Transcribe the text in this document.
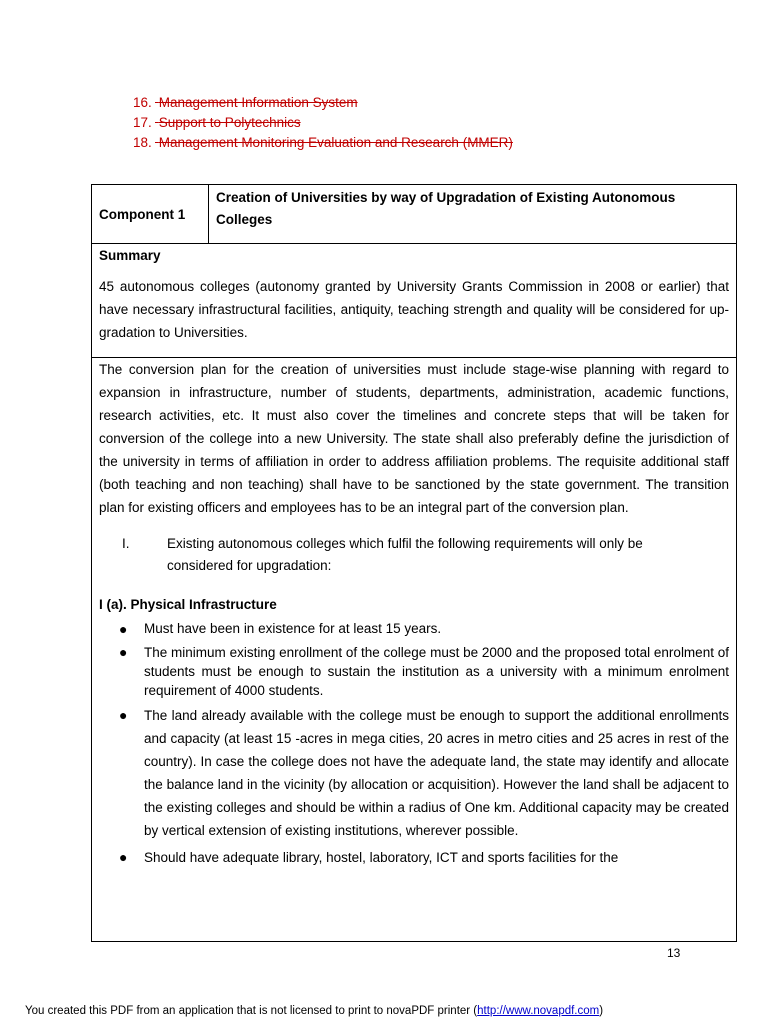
16. Management Information System
17. Support to Polytechnics
18. Management Monitoring Evaluation and Research (MMER)
Component 1
Creation of Universities by way of Upgradation of Existing Autonomous Colleges
Summary
45 autonomous colleges (autonomy granted by University Grants Commission in 2008 or earlier) that have necessary infrastructural facilities, antiquity, teaching strength and quality will be considered for up-gradation to Universities.
The conversion plan for the creation of universities must include stage-wise planning with regard to expansion in infrastructure, number of students, departments, administration, academic functions, research activities, etc. It must also cover the timelines and concrete steps that will be taken for conversion of the college into a new University. The state shall also preferably define the jurisdiction of the university in terms of affiliation in order to address affiliation problems. The requisite additional staff (both teaching and non teaching) shall have to be sanctioned by the state government. The transition plan for existing officers and employees has to be an integral part of the conversion plan.
I.	Existing autonomous colleges which fulfil the following requirements will only be considered for upgradation:
I (a). Physical Infrastructure
● Must have been in existence for at least 15 years.
● The minimum existing enrollment of the college must be 2000 and the proposed total enrolment of students must be enough to sustain the institution as a university with a minimum enrolment requirement of 4000 students.
● The land already available with the college must be enough to support the additional enrollments and capacity (at least 15 -acres in mega cities, 20 acres in metro cities and 25 acres in rest of the country). In case the college does not have the adequate land, the state may identify and allocate the balance land in the vicinity (by allocation or acquisition). However the land shall be adjacent to the existing colleges and should be within a radius of One km. Additional capacity may be created by vertical extension of existing institutions, wherever possible.
● Should have adequate library, hostel, laboratory, ICT and sports facilities for the
13
You created this PDF from an application that is not licensed to print to novaPDF printer (http://www.novapdf.com)
